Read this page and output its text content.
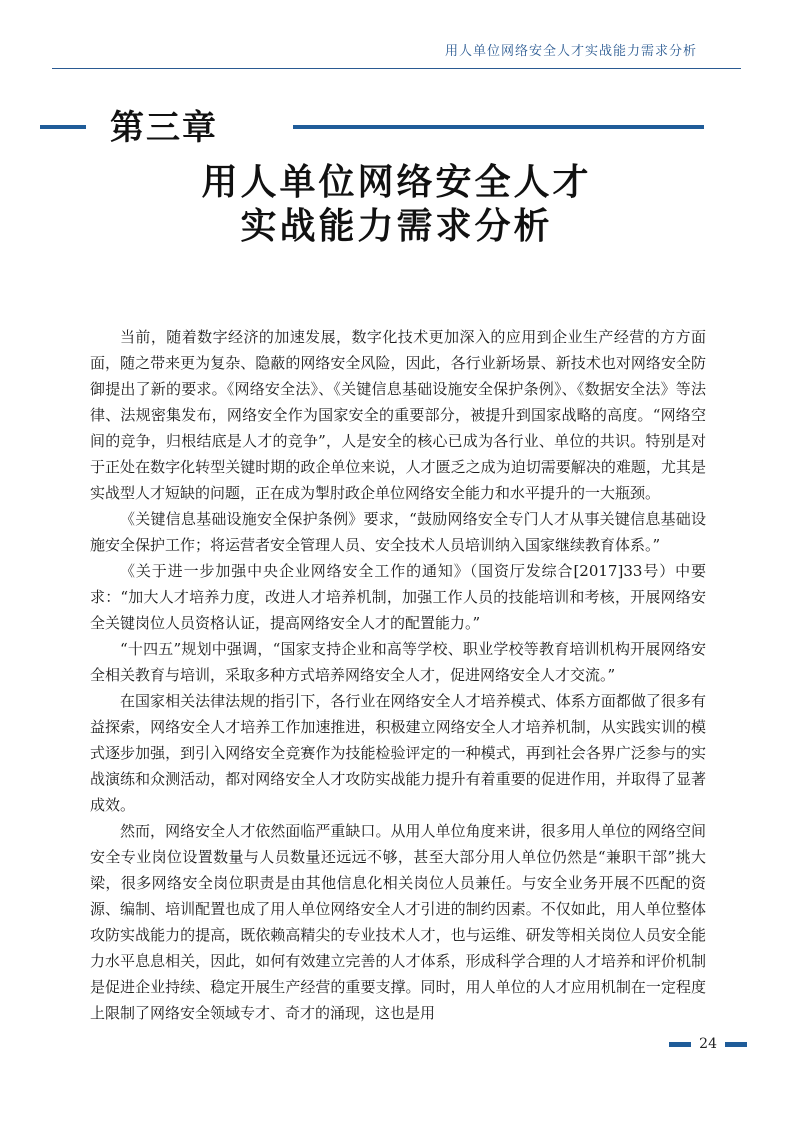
用人单位网络安全人才实战能力需求分析
第三章
用人单位网络安全人才
实战能力需求分析

当前，随着数字经济的加速发展，数字化技术更加深入的应用到企业生产经营的方方面面，随之带来更为复杂、隐蔽的网络安全风险，因此，各行业新场景、新技术也对网络安全防御提出了新的要求。《网络安全法》、《关键信息基础设施安全保护条例》、《数据安全法》等法律、法规密集发布，网络安全作为国家安全的重要部分，被提升到国家战略的高度。“网络空间的竞争，归根结底是人才的竞争”，人是安全的核心已成为各行业、单位的共识。特别是对于正处在数字化转型关键时期的政企单位来说，人才匮乏之成为迫切需要解决的难题，尤其是实战型人才短缺的问题，正在成为掣肘政企单位网络安全能力和水平提升的一大瓶颈。

《关键信息基础设施安全保护条例》要求，“鼓励网络安全专门人才从事关键信息基础设施安全保护工作；将运营者安全管理人员、安全技术人员培训纳入国家继续教育体系。”

《关于进一步加强中央企业网络安全工作的通知》（国资厅发综合[2017]33号）中要求：“加大人才培养力度，改进人才培养机制，加强工作人员的技能培训和考核，开展网络安全关键岗位人员资格认证，提高网络安全人才的配置能力。”

“十四五”规划中强调，“国家支持企业和高等学校、职业学校等教育培训机构开展网络安全相关教育与培训，采取多种方式培养网络安全人才，促进网络安全人才交流。”

在国家相关法律法规的指引下，各行业在网络安全人才培养模式、体系方面都做了很多有益探索，网络安全人才培养工作加速推进，积极建立网络安全人才培养机制，从实践实训的模式逐步加强，到引入网络安全竞赛作为技能检验评定的一种模式，再到社会各界广泛参与的实战演练和众测活动，都对网络安全人才攻防实战能力提升有着重要的促进作用，并取得了显著成效。

然而，网络安全人才依然面临严重缺口。从用人单位角度来讲，很多用人单位的网络空间安全专业岗位设置数量与人员数量还远远不够，甚至大部分用人单位仍然是“兼职干部”挑大梁，很多网络安全岗位职责是由其他信息化相关岗位人员兼任。与安全业务开展不匹配的资源、编制、培训配置也成了用人单位网络安全人才引进的制约因素。不仅如此，用人单位整体攻防实战能力的提高，既依赖高精尖的专业技术人才，也与运维、研发等相关岗位人员安全能力水平息息相关，因此，如何有效建立完善的人才体系，形成科学合理的人才培养和评价机制是促进企业持续、稳定开展生产经营的重要支撑。同时，用人单位的人才应用机制在一定程度上限制了网络安全领域专才、奇才的涌现，这也是用

24
